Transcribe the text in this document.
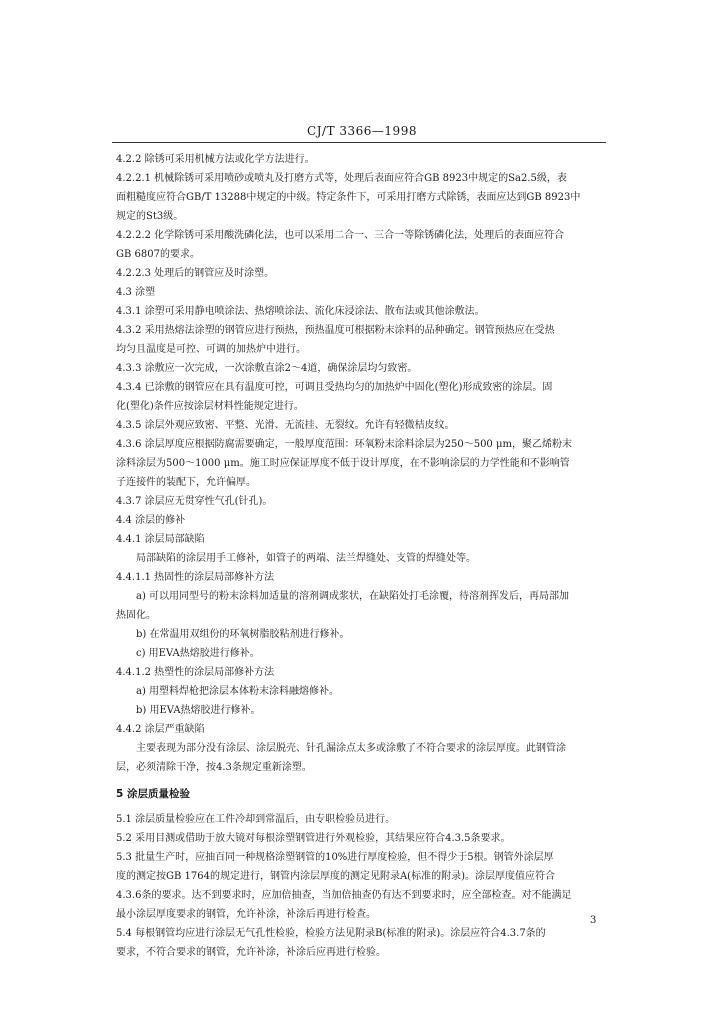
CJ/T 3366—1998
4.2.2 除锈可采用机械方法或化学方法进行。
4.2.2.1 机械除锈可采用喷砂或喷丸及打磨方式等，处理后表面应符合GB 8923中规定的Sa2.5级，表
面粗糙度应符合GB/T 13288中规定的中级。特定条件下，可采用打磨方式除锈，表面应达到GB 8923中
规定的St3级。
4.2.2.2 化学除锈可采用酸洗磷化法，也可以采用二合一、三合一等除锈磷化法，处理后的表面应符合
GB 6807的要求。
4.2.2.3 处理后的钢管应及时涂塑。
4.3 涂塑
4.3.1 涂塑可采用静电喷涂法、热熔喷涂法、流化床浸涂法、散布法或其他涂敷法。
4.3.2 采用热熔法涂塑的钢管应进行预热，预热温度可根据粉末涂料的品种确定。钢管预热应在受热
均匀且温度是可控、可调的加热炉中进行。
4.3.3 涂敷应一次完成，一次涂敷直涂2～4道，确保涂层均匀致密。
4.3.4 已涂敷的钢管应在具有温度可控，可调且受热均匀的加热炉中固化(塑化)形成致密的涂层。固
化(塑化)条件应按涂层材料性能规定进行。
4.3.5 涂层外观应致密、平整、光滑、无流挂、无裂纹。允许有轻微桔皮纹。
4.3.6 涂层厚度应根据防腐需要确定，一般厚度范围：环氧粉末涂料涂层为250～500 μm，聚乙烯粉末
涂料涂层为500～1000 μm。施工时应保证厚度不低于设计厚度，在不影响涂层的力学性能和不影响管
子连接件的装配下，允许偏厚。
4.3.7 涂层应无贯穿性气孔(针孔)。
4.4 涂层的修补
4.4.1 涂层局部缺陷
局部缺陷的涂层用手工修补，如管子的两端、法兰焊缝处、支管的焊缝处等。
4.4.1.1 热固性的涂层局部修补方法
a) 可以用同型号的粉末涂料加适量的溶剂调成浆状，在缺陷处打毛涂覆，待溶剂挥发后，再局部加
热固化。
b) 在常温用双组份的环氧树脂胶粘剂进行修补。
c) 用EVA热熔胶进行修补。
4.4.1.2 热塑性的涂层局部修补方法
a) 用塑料焊枪把涂层本体粉末涂料融熔修补。
b) 用EVA热熔胶进行修补。
4.4.2 涂层严重缺陷
主要表现为部分没有涂层、涂层脱壳、针孔漏涂点太多或涂敷了不符合要求的涂层厚度。此钢管涂
层，必须清除干净，按4.3条规定重新涂塑。
5 涂层质量检验
5.1 涂层质量检验应在工件冷却到常温后，由专职检验员进行。
5.2 采用目测或借助于放大镜对每根涂塑钢管进行外观检验，其结果应符合4.3.5条要求。
5.3 批量生产时，应抽百同一种规格涂塑钢管的10%进行厚度检验，但不得少于5根。钢管外涂层厚
度的测定按GB 1764的规定进行，钢管内涂层厚度的测定见附录A(标准的附录)。涂层厚度值应符合
4.3.6条的要求。达不到要求时，应加倍抽查，当加倍抽查仍有达不到要求时，应全部检查。对不能满足
最小涂层厚度要求的钢管，允许补涂，补涂后再进行检查。
5.4 每根钢管均应进行涂层无气孔性检验，检验方法见附录B(标准的附录)。涂层应符合4.3.7条的
要求，不符合要求的钢管，允许补涂，补涂后应再进行检验。
3
